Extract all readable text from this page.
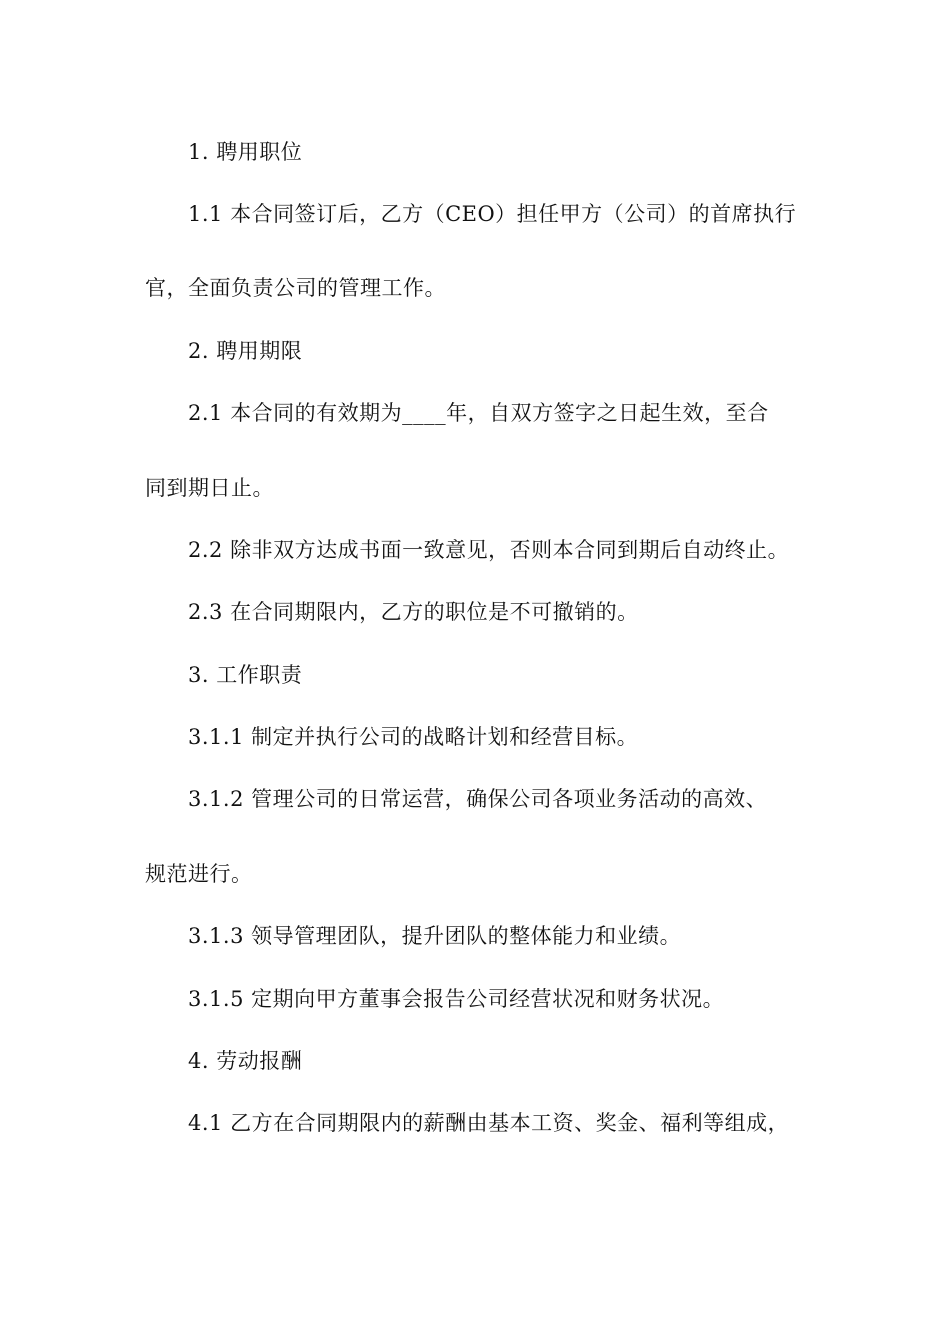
1. 聘用职位
1.1 本合同签订后，乙方（CEO）担任甲方（公司）的首席执行
官，全面负责公司的管理工作。
2. 聘用期限
2.1 本合同的有效期为____年，自双方签字之日起生效，至合
同到期日止。
2.2 除非双方达成书面一致意见，否则本合同到期后自动终止。
2.3 在合同期限内，乙方的职位是不可撤销的。
3. 工作职责
3.1.1 制定并执行公司的战略计划和经营目标。
3.1.2 管理公司的日常运营，确保公司各项业务活动的高效、
规范进行。
3.1.3 领导管理团队，提升团队的整体能力和业绩。
3.1.5 定期向甲方董事会报告公司经营状况和财务状况。
4. 劳动报酬
4.1 乙方在合同期限内的薪酬由基本工资、奖金、福利等组成，
